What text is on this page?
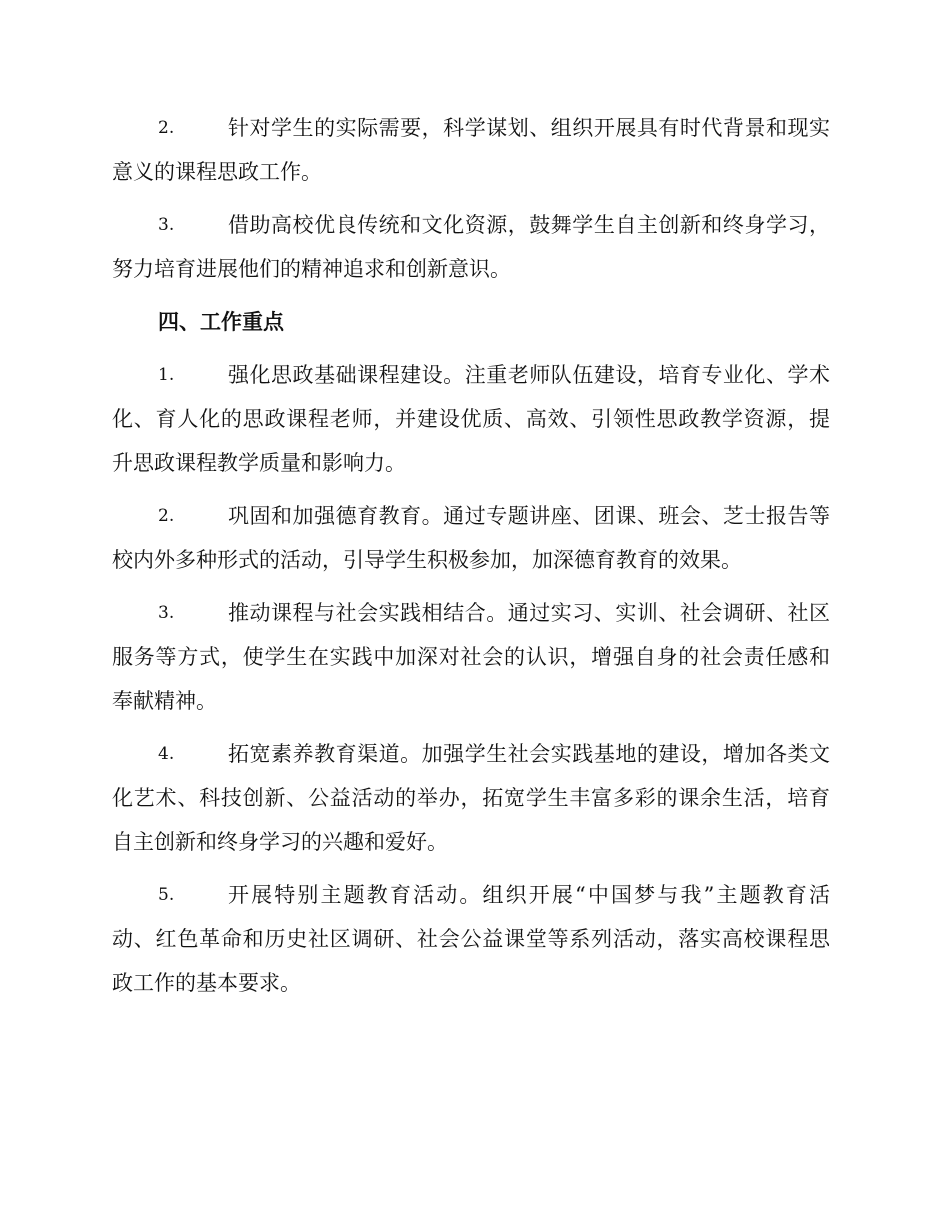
2.	针对学生的实际需要，科学谋划、组织开展具有时代背景和现实
意义的课程思政工作。
3.	借助高校优良传统和文化资源，鼓舞学生自主创新和终身学习，
努力培育进展他们的精神追求和创新意识。
四、工作重点
1.	强化思政基础课程建设。注重老师队伍建设，培育专业化、学术
化、育人化的思政课程老师，并建设优质、高效、引领性思政教学资源，提
升思政课程教学质量和影响力。
2.	巩固和加强德育教育。通过专题讲座、团课、班会、芝士报告等
校内外多种形式的活动，引导学生积极参加，加深德育教育的效果。
3.	推动课程与社会实践相结合。通过实习、实训、社会调研、社区
服务等方式，使学生在实践中加深对社会的认识，增强自身的社会责任感和
奉献精神。
4.	拓宽素养教育渠道。加强学生社会实践基地的建设，增加各类文
化艺术、科技创新、公益活动的举办，拓宽学生丰富多彩的课余生活，培育
自主创新和终身学习的兴趣和爱好。
5.	开展特别主题教育活动。组织开展“中国梦与我”主题教育活
动、红色革命和历史社区调研、社会公益课堂等系列活动，落实高校课程思
政工作的基本要求。
